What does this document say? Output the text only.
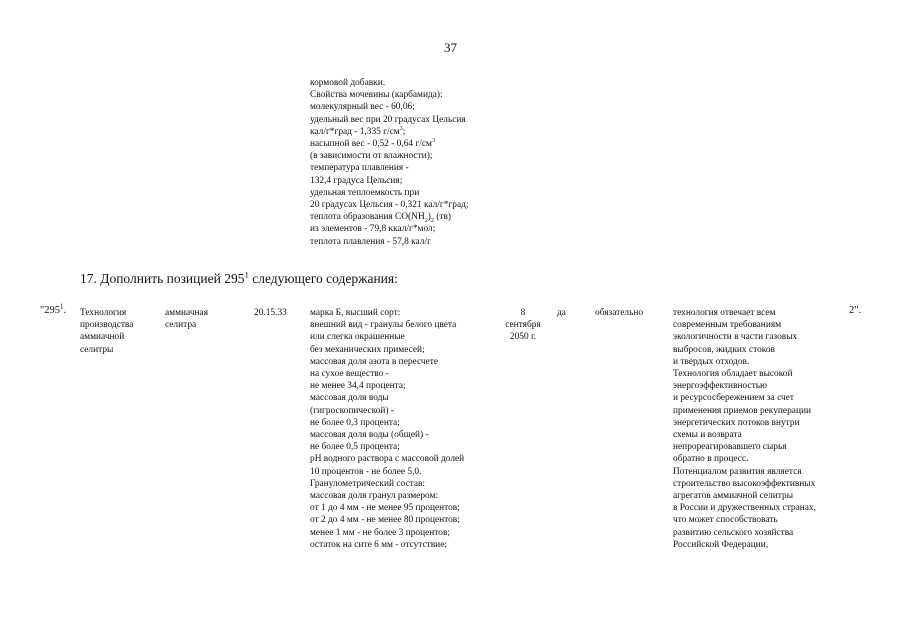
37
кормовой добавки.
Свойства мочевины (карбамида):
молекулярный вес - 60,06;
удельный вес при 20 градусах Цельсия
кал/г*град - 1,335 $г/см^3$;
насыпной вес - 0,52 - 0,64 $г/см^3$
(в зависимости от влажности);
температура плавления -
132,4 градуса Цельсия;
удельная теплоемкость при
20 градусах Цельсия - 0,321 кал/г*град;
теплота образования $CO(NH_2)_2$ (тв)
из элементов - 79,8 ккал/г*мол;
теплота плавления - 57,8 кал/г
17. Дополнить позицией $295^1$ следующего содержания:
"$295^1$. Технология
производства
аммиачной
селитры
аммиачная
селитра
20.15.33 марка Б, высший сорт:
внешний вид - гранулы белого цвета
или слегка окрашенные
без механических примесей;
массовая доля азота в пересчете
на сухое вещество -
не менее 34,4 процента;
массовая доля воды
(гигроскопической) -
не более 0,3 процента;
массовая доля воды (общей) -
не более 0,5 процента;
pH водного раствора с массовой долей
10 процентов - не более 5,0.
Гранулометрический состав:
массовая доля гранул размером:
от 1 до 4 мм - не менее 95 процентов;
от 2 до 4 мм - не менее 80 процентов;
менее 1 мм - не более 3 процентов;
остаток на сите 6 мм - отсутствие;
8
сентября
2050 г.
да	обязательно	технология отвечает всем
современным требованиям
экологичности в части газовых
выбросов, жидких стоков
и твердых отходов.
Технология обладает высокой
энергоэффективностью
и ресурсосбережением за счет
применения приемов рекуперации
энергетических потоков внутри
схемы и возврата
непрореагировавшего сырья
обратно в процесс.
Потенциалом развития является
строительство высокоэффективных
агрегатов аммиачной селитры
в России и дружественных странах,
что может способствовать
развитию сельского хозяйства
Российской Федерации,
2".
